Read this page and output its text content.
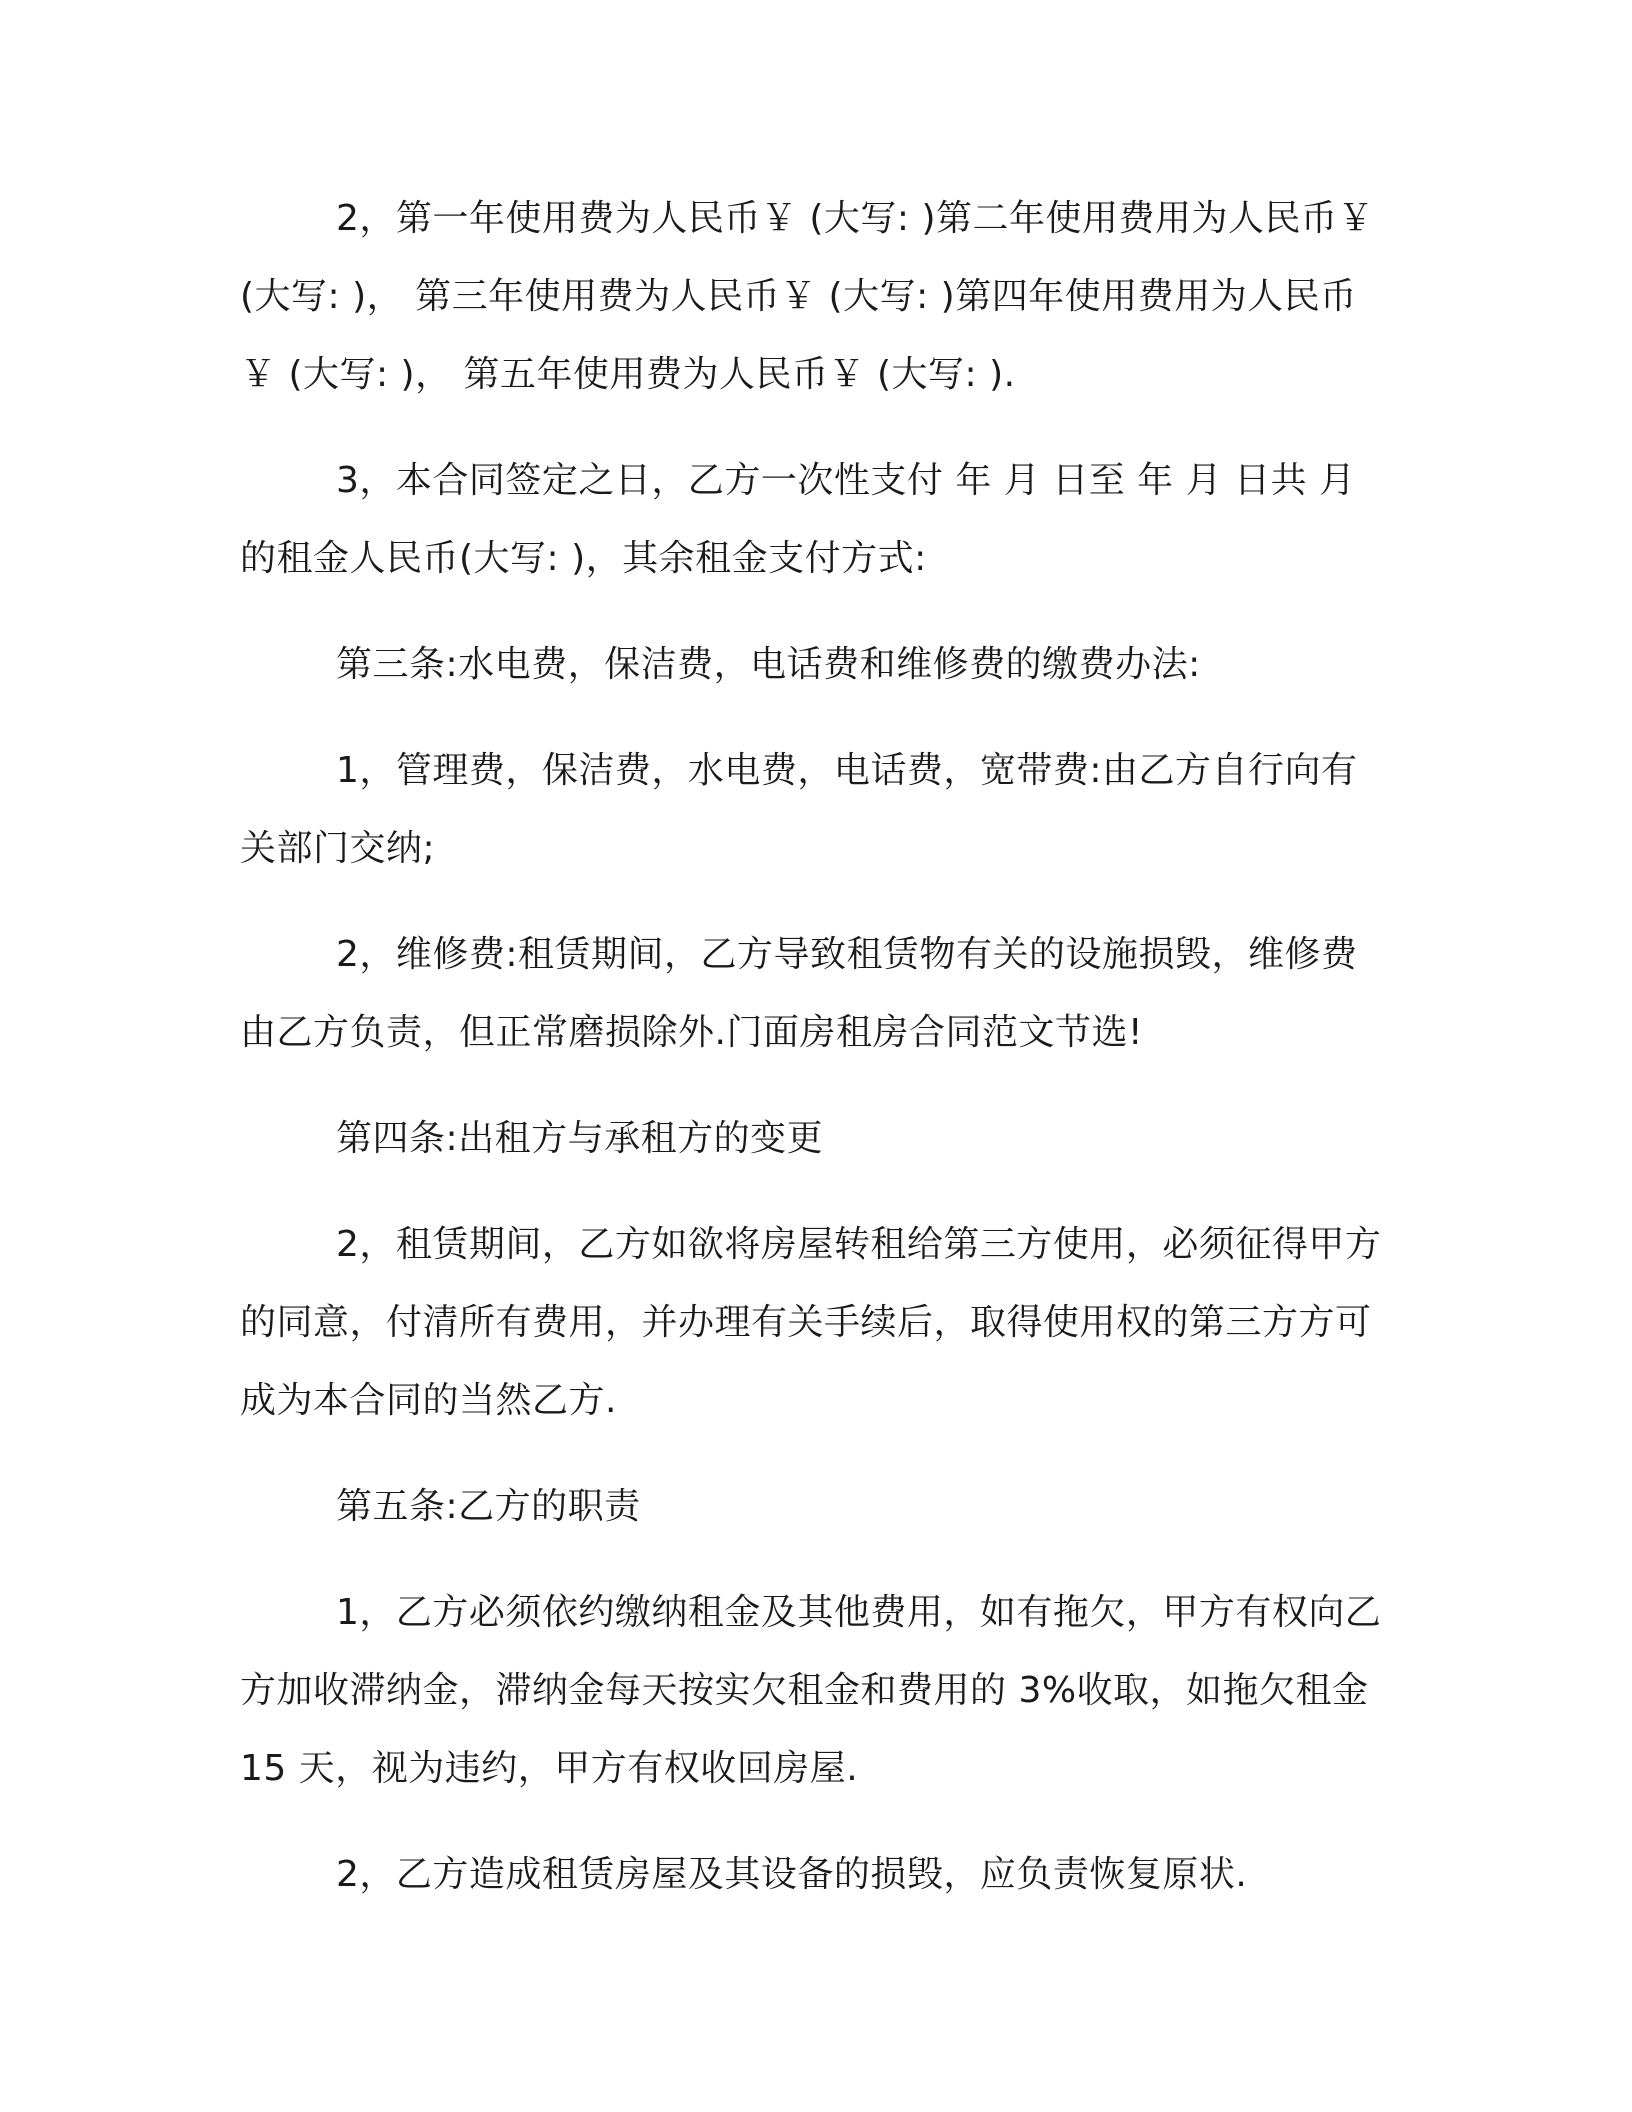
2，第一年使用费为人民币￥ (大写: )第二年使用费用为人民币￥ (大写: )， 第三年使用费为人民币￥ (大写: )第四年使用费用为人民币￥ (大写: )， 第五年使用费为人民币￥ (大写: ).

3，本合同签定之日，乙方一次性支付 年 月 日至 年 月 日共 月的租金人民币(大写: )，其余租金支付方式:

第三条:水电费，保洁费，电话费和维修费的缴费办法:

1，管理费，保洁费，水电费，电话费，宽带费:由乙方自行向有关部门交纳;

2，维修费:租赁期间，乙方导致租赁物有关的设施损毁，维修费由乙方负责，但正常磨损除外.门面房租房合同范文节选!

第四条:出租方与承租方的变更

2，租赁期间，乙方如欲将房屋转租给第三方使用，必须征得甲方的同意，付清所有费用，并办理有关手续后，取得使用权的第三方方可成为本合同的当然乙方.

第五条:乙方的职责

1，乙方必须依约缴纳租金及其他费用，如有拖欠，甲方有权向乙方加收滞纳金，滞纳金每天按实欠租金和费用的 3%收取，如拖欠租金 15 天，视为违约，甲方有权收回房屋.

2，乙方造成租赁房屋及其设备的损毁，应负责恢复原状.
